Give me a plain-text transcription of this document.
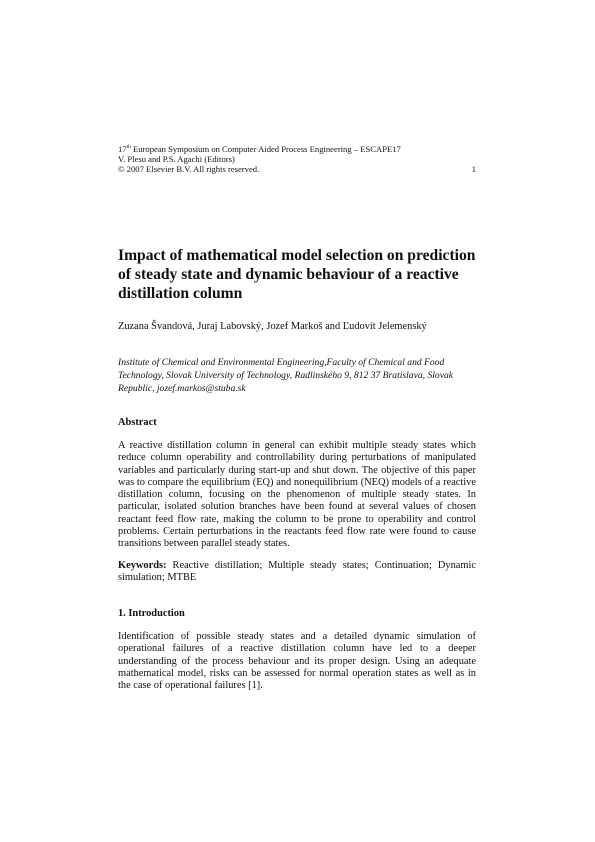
17th European Symposium on Computer Aided Process Engineering – ESCAPE17
V. Plesu and P.S. Agachi (Editors)
© 2007 Elsevier B.V. All rights reserved.	1
Impact of mathematical model selection on prediction of steady state and dynamic behaviour of a reactive distillation column
Zuzana Švandová, Juraj Labovský, Jozef Markoš and Ľudovít Jelemenský
Institute of Chemical and Environmental Engineering,Faculty of Chemical and Food Technology, Slovak University of Technology, Radlinského 9, 812 37 Bratislava, Slovak Republic, jozef.markos@stuba.sk
Abstract

A reactive distillation column in general can exhibit multiple steady states which reduce column operability and controllability during perturbations of manipulated variables and particularly during start-up and shut down. The objective of this paper was to compare the equilibrium (EQ) and nonequilibrium (NEQ) models of a reactive distillation column, focusing on the phenomenon of multiple steady states. In particular, isolated solution branches have been found at several values of chosen reactant feed flow rate, making the column to be prone to operability and control problems. Certain perturbations in the reactants feed flow rate were found to cause transitions between parallel steady states.

Keywords: Reactive distillation; Multiple steady states; Continuation; Dynamic simulation; MTBE

1. Introduction

Identification of possible steady states and a detailed dynamic simulation of operational failures of a reactive distillation column have led to a deeper understanding of the process behaviour and its proper design. Using an adequate mathematical model, risks can be assessed for normal operation states as well as in the case of operational failures [1].
